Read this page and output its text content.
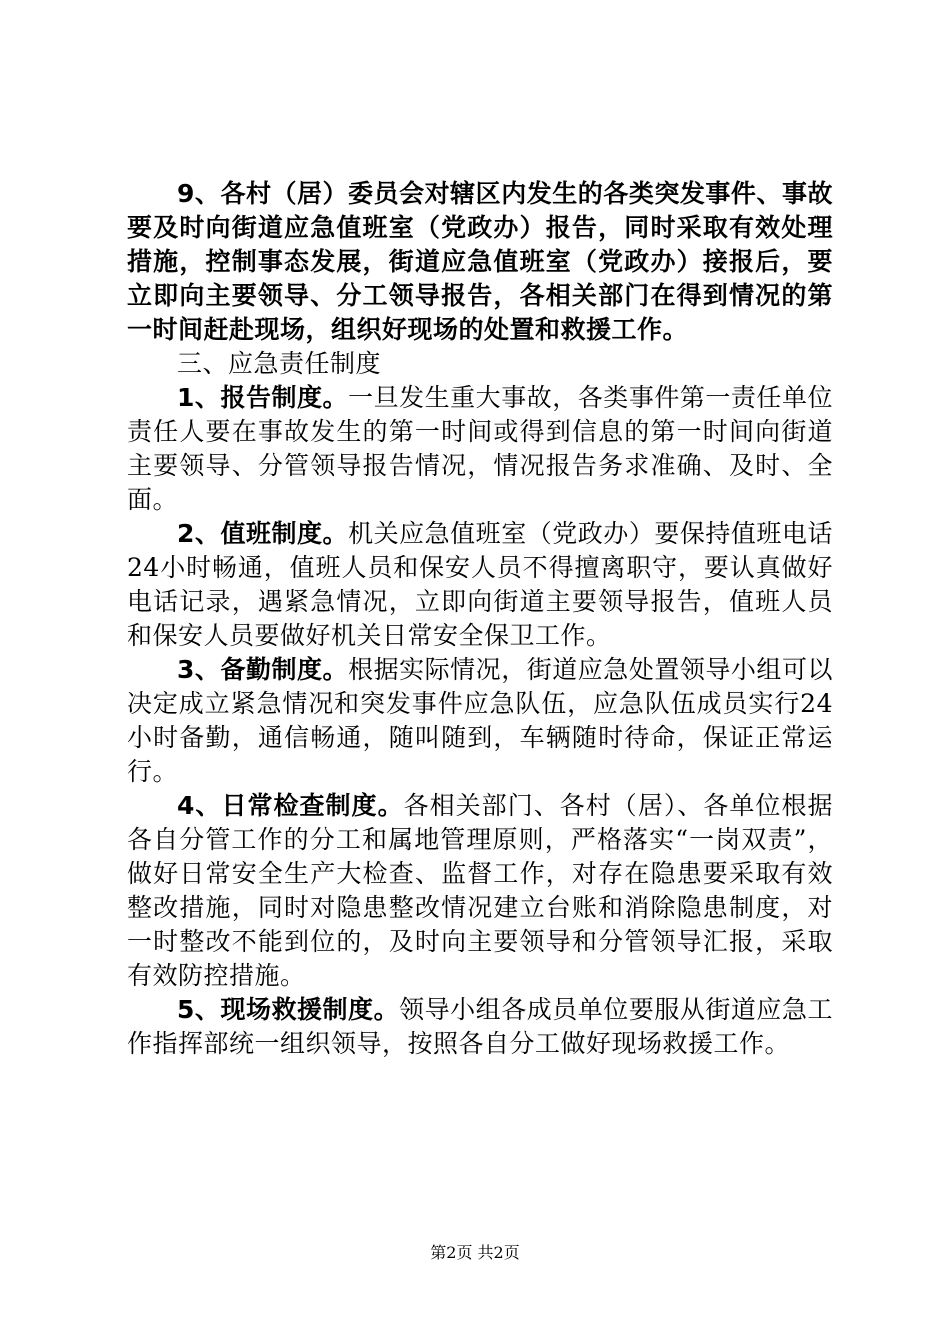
9、各村（居）委员会对辖区内发生的各类突发事件、事故要及时向街道应急值班室（党政办）报告，同时采取有效处理措施，控制事态发展，街道应急值班室（党政办）接报后，要立即向主要领导、分工领导报告，各相关部门在得到情况的第一时间赶赴现场，组织好现场的处置和救援工作。

三、应急责任制度

1、报告制度。一旦发生重大事故，各类事件第一责任单位责任人要在事故发生的第一时间或得到信息的第一时间向街道主要领导、分管领导报告情况，情况报告务求准确、及时、全面。

2、值班制度。机关应急值班室（党政办）要保持值班电话24小时畅通，值班人员和保安人员不得擅离职守，要认真做好电话记录，遇紧急情况，立即向街道主要领导报告，值班人员和保安人员要做好机关日常安全保卫工作。

3、备勤制度。根据实际情况，街道应急处置领导小组可以决定成立紧急情况和突发事件应急队伍，应急队伍成员实行24小时备勤，通信畅通，随叫随到，车辆随时待命，保证正常运行。

4、日常检查制度。各相关部门、各村（居）、各单位根据各自分管工作的分工和属地管理原则，严格落实“一岗双责”，做好日常安全生产大检查、监督工作，对存在隐患要采取有效整改措施，同时对隐患整改情况建立台账和消除隐患制度，对一时整改不能到位的，及时向主要领导和分管领导汇报，采取有效防控措施。

5、现场救援制度。领导小组各成员单位要服从街道应急工作指挥部统一组织领导，按照各自分工做好现场救援工作。

第2页 共2页
